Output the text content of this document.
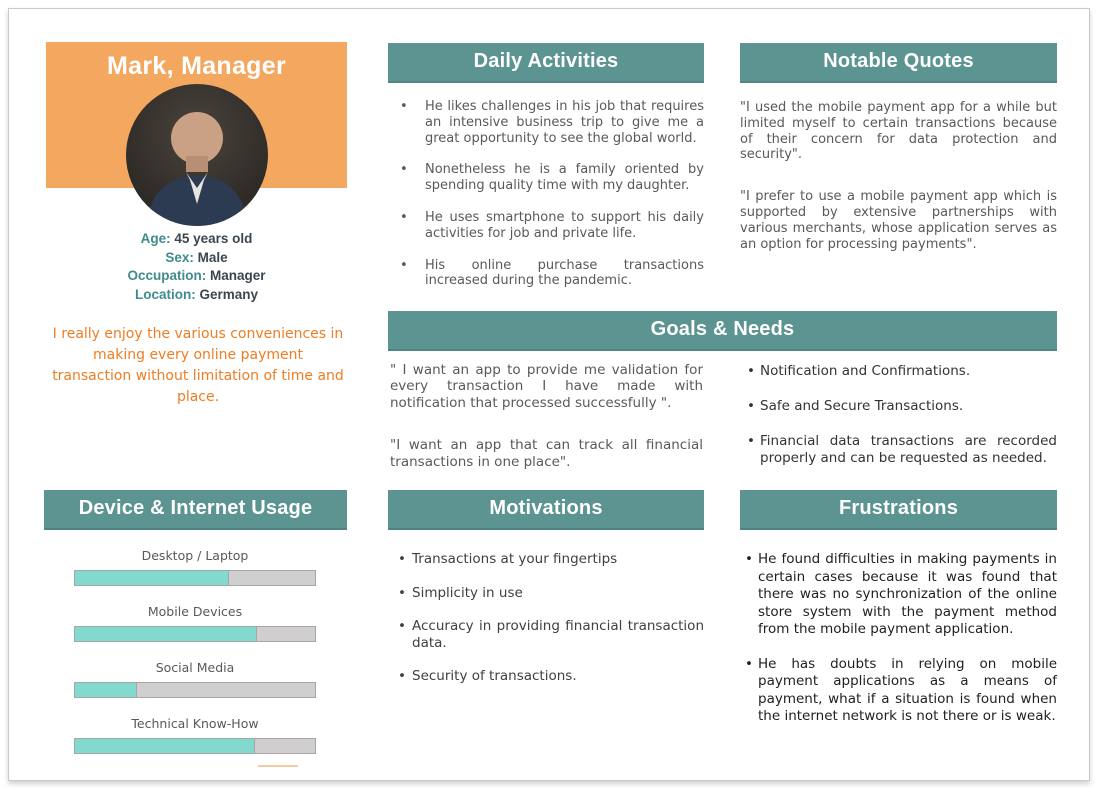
Mark, Manager
Age: 45 years old
Sex: Male
Occupation: Manager
Location: Germany
I really enjoy the various conveniences in making every online payment transaction without limitation of time and place.
Daily Activities
•	He likes challenges in his job that requires an intensive business trip to give me a great opportunity to see the global world.
•	Nonetheless he is a family oriented by spending quality time with my daughter.
•	He uses smartphone to support his daily activities for job and private life.
•	His online purchase transactions increased during the pandemic.
Notable Quotes

"I used the mobile payment app for a while but limited myself to certain transactions because of their concern for data protection and security".

"I prefer to use a mobile payment app which is supported by extensive partnerships with various merchants, whose application serves as an option for processing payments".

Goals & Needs

" I want an app to provide me validation for every transaction I have made with notification that processed successfully ".

"I want an app that can track all financial transactions in one place".

• Notification and Confirmations.
• Safe and Secure Transactions.
• Financial data transactions are recorded properly and can be requested as needed.
Device & Internet Usage
Desktop / Laptop
Mobile Devices
Social Media
Technical Know-How
Motivations
• Transactions at your fingertips
• Simplicity in use
• Accuracy in providing financial transaction data.
• Security of transactions.
Frustrations
• He found difficulties in making payments in certain cases because it was found that there was no synchronization of the online store system with the payment method from the mobile payment application.
• He has doubts in relying on mobile payment applications as a means of payment, what if a situation is found when the internet network is not there or is weak.
